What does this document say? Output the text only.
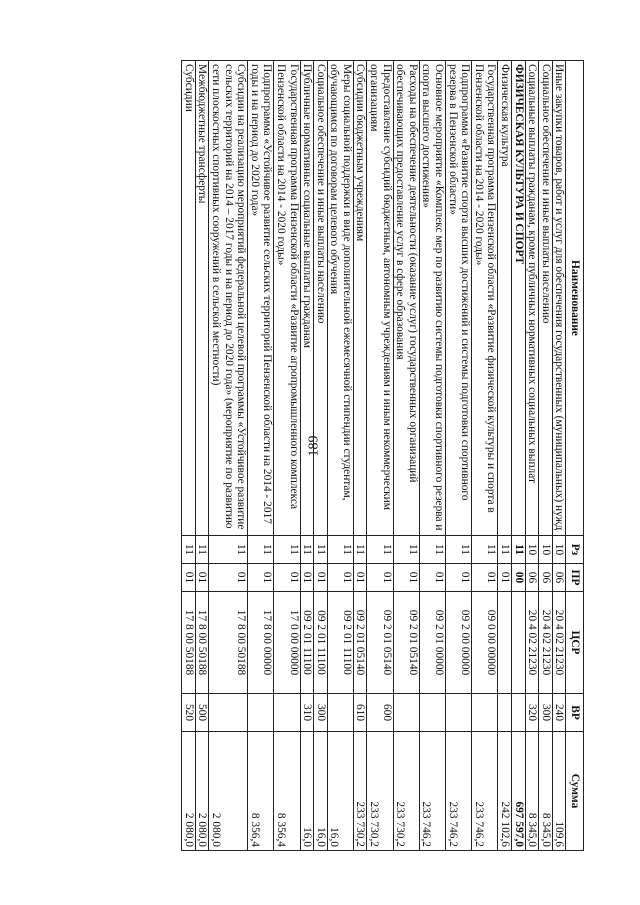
189
Наименование	Рз	ПР	ЦСР	ВР	Сумма
Иные закупки товаров, работ и услуг для обеспечения государственных (муниципальных) нужд	10	06	20 4 02 21230	240	109,6
Социальное обеспечение и иные выплаты населению	10	06	20 4 02 21230	300	8 345,0
Социальные выплаты гражданам, кроме публичных нормативных социальных выплат	10	06	20 4 02 21230	320	8 345,0
ФИЗИЧЕСКАЯ КУЛЬТУРА И СПОРТ	11	00			697 597,0
Физическая культура	11	01			242 102,6
Государственная программа Пензенской области «Развитие физической культуры и спорта в Пензенской области на 2014 - 2020 годы»	11	01	09 0 00 00000		233 746,2
Подпрограмма «Развитие спорта высших достижений и системы подготовки спортивного резерва в Пензенской области»	11	01	09 2 00 00000		233 746,2
Основное мероприятие «Комплекс мер по развитию системы подготовки спортивного резерва и спорта высшего достижения»	11	01	09 2 01 00000		233 746,2
Расходы на обеспечение деятельности (оказание услуг) государственных организаций обеспечивающих предоставление услуг в сфере образования	11	01	09 2 01 05140		233 730,2
Предоставление субсидий бюджетным, автономным учреждениям и иным некоммерческим организациям	11	01	09 2 01 05140	600	233 730,2
Субсидии бюджетным учреждениям	11	01	09 2 01 05140	610	233 730,2
Меры социальной поддержки в виде дополнительной ежемесячной стипендии студентам, обучающимся по договорам целевого обучения	11	01	09 2 01 11100		16,0
Социальное обеспечение и иные выплаты населению	11	01	09 2 01 11100	300	16,0
Публичные нормативные социальные выплаты гражданам	11	01	09 2 01 11100	310	16,0
Государственная программа Пензенской области «Развитие агропромышленного комплекса Пензенской области на 2014 - 2020 годы»	11	01	17 0 00 00000		8 356,4
Подпрограмма «Устойчивое развитие сельских территорий Пензенской области на 2014 - 2017 годы и на период до 2020 года»	11	01	17 8 00 00000		8 356,4
Субсидии на реализацию мероприятий федеральной целевой программы «Устойчивое развитие сельских территорий на 2014 – 2017 годы и на период до 2020 года» (мероприятие по развитию сети плоскостных спортивных сооружений в сельской местности)	11	01	17 8 00 50188		2 080,0
Межбюджетные трансферты	11	01	17 8 00 50188	500	2 080,0
Субсидии	11	01	17 8 00 50188	520	2 080,0
